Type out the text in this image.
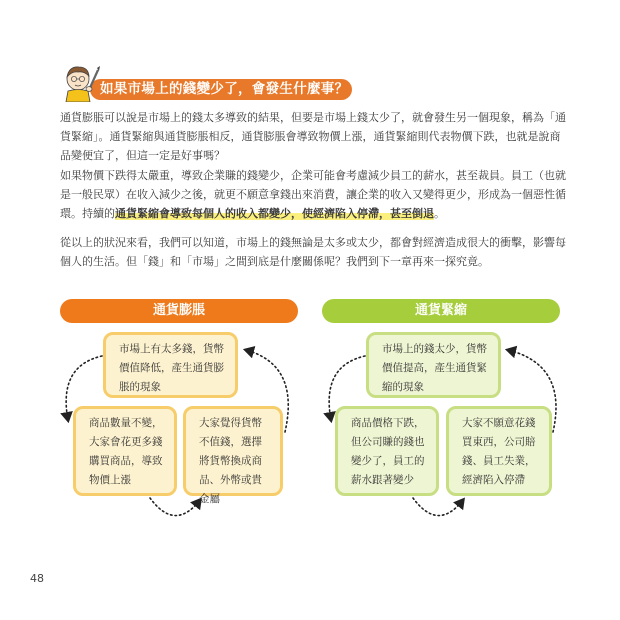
如果市場上的錢變少了，會發生什麼事？
通貨膨脹可以說是市場上的錢太多導致的結果，但要是市場上錢太少了，就會發生另一個現象，稱為「通貨緊縮」。通貨緊縮與通貨膨脹相反，通貨膨脹會導致物價上漲，通貨緊縮則代表物價下跌，也就是說商品變便宜了，但這一定是好事嗎？
如果物價下跌得太嚴重，導致企業賺的錢變少，企業可能會考慮減少員工的薪水，甚至裁員。員工（也就是一般民眾）在收入減少之後，就更不願意拿錢出來消費，讓企業的收入又變得更少，形成為一個惡性循環。持續的通貨緊縮會導致每個人的收入都變少，使經濟陷入停滯，甚至倒退。
從以上的狀況來看，我們可以知道，市場上的錢無論是太多或太少，都會對經濟造成很大的衝擊，影響每個人的生活。但「錢」和「市場」之間到底是什麼關係呢？我們到下一章再來一探究竟。
通貨膨脹	通貨緊縮
市場上有太多錢，貨幣價值降低，產生通貨膨脹的現象
商品數量不變，大家會花更多錢購買商品，導致物價上漲
大家覺得貨幣不值錢，選擇將貨幣換成商品、外幣或貴金屬
市場上的錢太少，貨幣價值提高，產生通貨緊縮的現象
商品價格下跌，但公司賺的錢也變少了，員工的薪水跟著變少
大家不願意花錢買東西，公司賠錢、員工失業，經濟陷入停滯
48
